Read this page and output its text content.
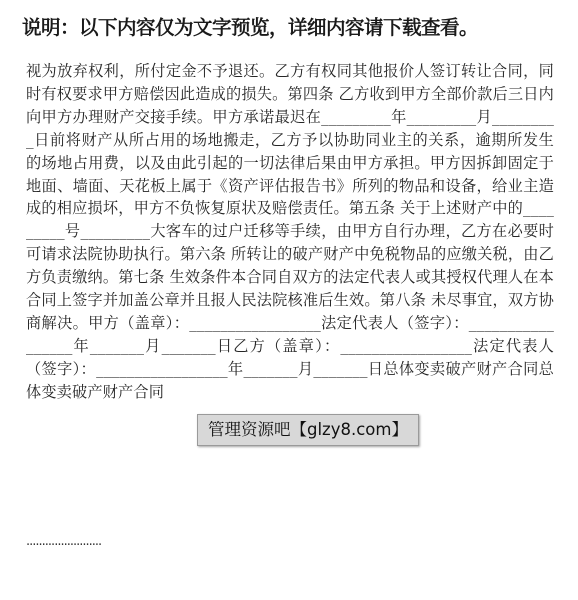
说明：以下内容仅为文字预览，详细内容请下载查看。

视为放弃权利，所付定金不予退还。乙方有权同其他报价人签订转让合同，同时有权要求甲方赔偿因此造成的损失。第四条 乙方收到甲方全部价款后三日内向甲方办理财产交接手续。甲方承诺最迟在_________年_________月_________日前将财产从所占用的场地搬走，乙方予以协助同业主的关系，逾期所发生的场地占用费，以及由此引起的一切法律后果由甲方承担。甲方因拆卸固定于地面、墙面、天花板上属于《资产评估报告书》所列的物品和设备，给业主造成的相应损坏，甲方不负恢复原状及赔偿责任。第五条 关于上述财产中的_________号_________大客车的过户迁移等手续，由甲方自行办理，乙方在必要时可请求法院协助执行。第六条 所转让的破产财产中免税物品的应缴关税，由乙方负责缴纳。第七条 生效条件本合同自双方的法定代表人或其授权代理人在本合同上签字并加盖公章并且报人民法院核准后生效。第八条 未尽事宜，双方协商解决。甲方（盖章）：_________________法定代表人（签字）：_________________年_______月_______日乙方（盖章）：_________________法定代表人（签字）：_________________年_______月_______日总体变卖破产财产合同总体变卖破产财产合同

........................
管理资源吧【glzy8.com】
